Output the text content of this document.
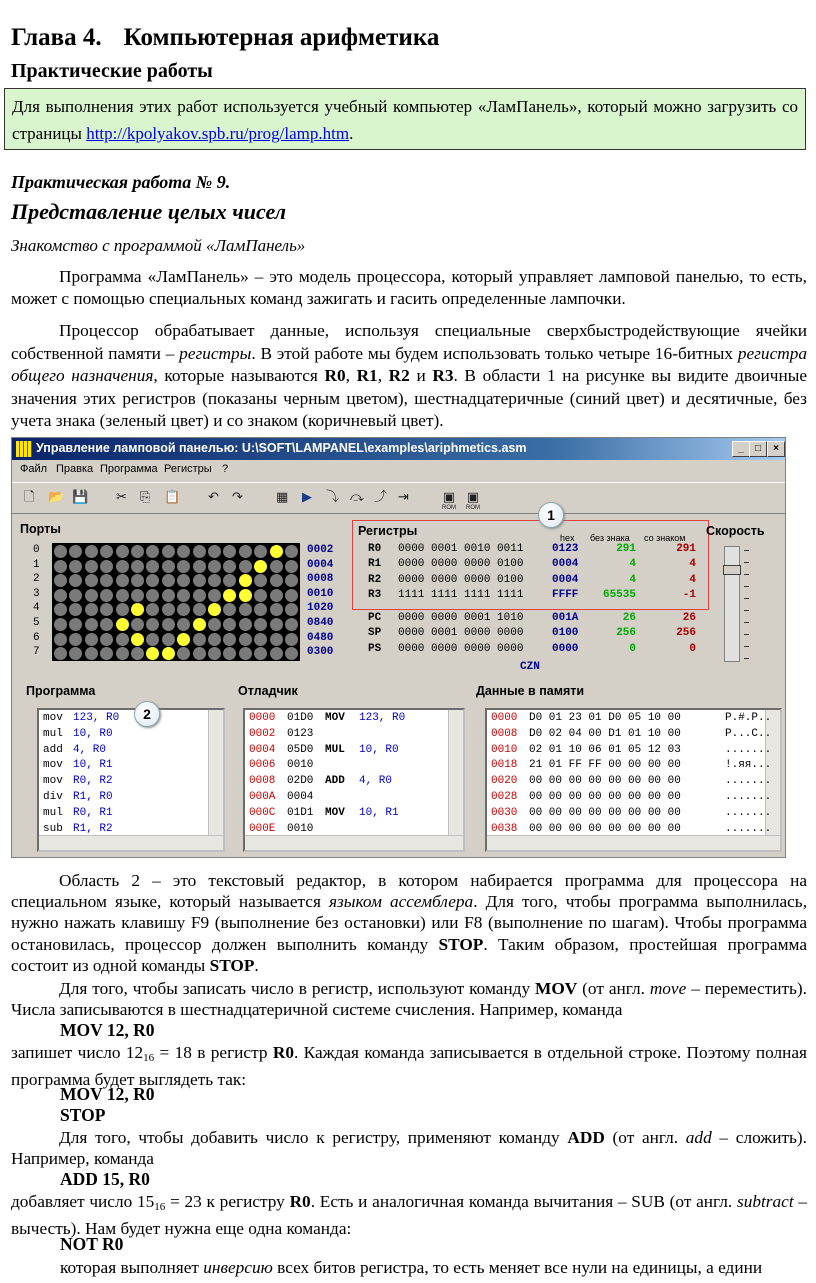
Глава 4. Компьютерная арифметика
Практические работы
Для выполнения этих работ используется учебный компьютер «ЛамПанель», который можно загрузить со страницы http://kpolyakov.spb.ru/prog/lamp.htm.
Практическая работа № 9.
Представление целых чисел
Знакомство с программой «ЛамПанель»
Программа «ЛамПанель» – это модель процессора, который управляет ламповой панелью, то есть, может с помощью специальных команд зажигать и гасить определенные лампочки.
Процессор обрабатывает данные, используя специальные сверхбыстродействующие ячейки собственной памяти – регистры. В этой работе мы будем использовать только четыре 16-битных регистра общего назначения, которые называются R0, R1, R2 и R3. В области 1 на рисунке вы видите двоичные значения этих регистров (показаны черным цветом), шестнадцатеричные (синий цвет) и десятичные, без учета знака (зеленый цвет) и со знаком (коричневый цвет).
Управление ламповой панелью: U:\SOFT\LAMPANEL\examples\ariphmetics.asm	_	□	×
Файл Правка Программа Регистры ?
🗋 📂 💾 ✂ ⎘ 📋 ↶ ↷	▦ ▶ ⤵ ⤼ ⤴ ⇥	▣
ROM
▣
ROM
Порты
0
1
2
3
4
5
6
7
0002
0004
0008
0010
1020
0840
0480
0300
Регистры	hex без знака со знаком
R0 0000 0001 0010 0011	0123	291	291
R1 0000 0000 0000 0100	0004	4	4
R2 0000 0000 0000 0100	0004	4	4
R3 1111 1111 1111 1111	FFFF	65535	-1
PC 0000 0000 0001 1010	001A	26	26
SP 0000 0001 0000 0000	0100	256	256
PS 0000 0000 0000 0000	0000	0	0
CZN
1
Скорость
Программа	Отладчик	Данные в памяти
mov 123, R0
mul 10, R0
add 4, R0
mov 10, R1
mov R0, R2
div R1, R0
mul R0, R1
sub R1, R2
2	0000 01D0 MOV 123, R0
0002 0123
0004 05D0 MUL 10, R0
0006 0010
0008 02D0 ADD 4, R0
000A 0004
000C 01D1 MOV 10, R1
000E 0010
0000 D0 01 23 01 D0 05 10 00	P.#.P..
0008 D0 02 04 00 D1 01 10 00	P...C..
0010 02 01 10 06 01 05 12 03	.......
0018 21 01 FF FF 00 00 00 00	!.яя...
0020 00 00 00 00 00 00 00 00	.......
0028 00 00 00 00 00 00 00 00	.......
0030 00 00 00 00 00 00 00 00	.......
0038 00 00 00 00 00 00 00 00	.......
Область 2 – это текстовый редактор, в котором набирается программа для процессора на специальном языке, который называется языком ассемблера. Для того, чтобы программа выполнилась, нужно нажать клавишу F9 (выполнение без остановки) или F8 (выполнение по шагам). Чтобы программа остановилась, процессор должен выполнить команду STOP. Таким образом, простейшая программа состоит из одной команды STOP.
Для того, чтобы записать число в регистр, используют команду MOV (от англ. move – переместить). Числа записываются в шестнадцатеричной системе счисления. Например, команда
MOV 12, R0
запишет число $12_{16} = 18$ в регистр R0. Каждая команда записывается в отдельной строке. Поэтому полная программа будет выглядеть так:
MOV 12, R0
STOP
Для того, чтобы добавить число к регистру, применяют команду ADD (от англ. add – сложить). Например, команда
ADD 15, R0
добавляет число $15_{16} = 23$ к регистру R0. Есть и аналогичная команда вычитания – SUB (от англ. subtract – вычесть). Нам будет нужна еще одна команда:
NOT R0
которая выполняет инверсию всех битов регистра, то есть меняет все нули на единицы, а едини
